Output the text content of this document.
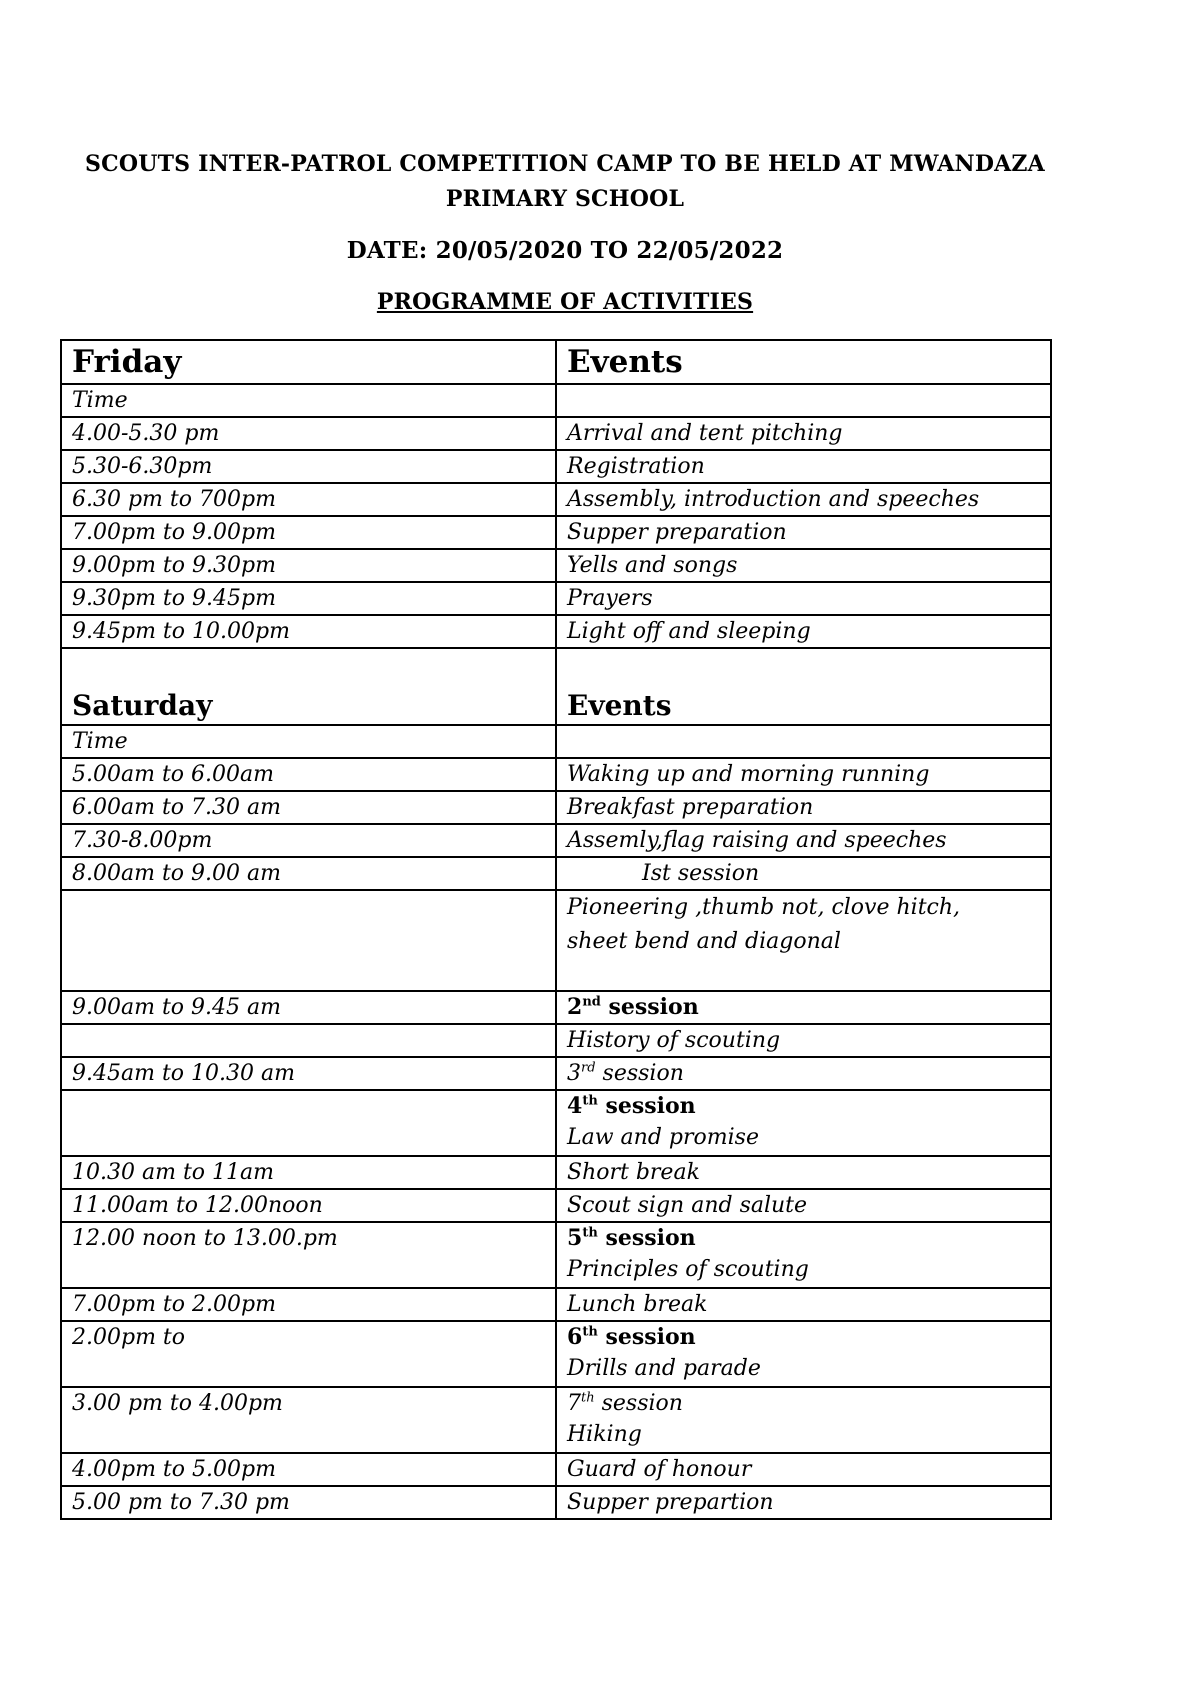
SCOUTS INTER-PATROL COMPETITION CAMP TO BE HELD AT MWANDAZA
PRIMARY SCHOOL
DATE: 20/05/2020 TO 22/05/2022
PROGRAMME OF ACTIVITIES
Friday	Events
Time	
4.00-5.30 pm	Arrival and tent pitching
5.30-6.30pm	Registration
6.30 pm to 700pm	Assembly, introduction and speeches
7.00pm to 9.00pm	Supper preparation
9.00pm to 9.30pm	Yells and songs
9.30pm to 9.45pm	Prayers
9.45pm to 10.00pm	Light off and sleeping
Saturday	Events
Time	
5.00am to 6.00am	Waking up and morning running
6.00am to 7.30 am	Breakfast preparation
7.30-8.00pm	Assemly,flag raising and speeches
8.00am to 9.00 am	Ist session

	Pioneering ,thumb not, clove hitch,
sheet bend and diagonal

9.00am to 9.45 am	2nd session
	History of scouting
9.45am to 10.30 am	3rd session

	4th session
Law and promise

10.30 am to 11am	Short break
11.00am to 12.00noon	Scout sign and salute
12.00 noon to 13.00.pm	5th session
Principles of scouting

7.00pm to 2.00pm	Lunch break
2.00pm to	6th session
Drills and parade

3.00 pm to 4.00pm	7th session
Hiking

4.00pm to 5.00pm	Guard of honour
5.00 pm to 7.30 pm	Supper prepartion
